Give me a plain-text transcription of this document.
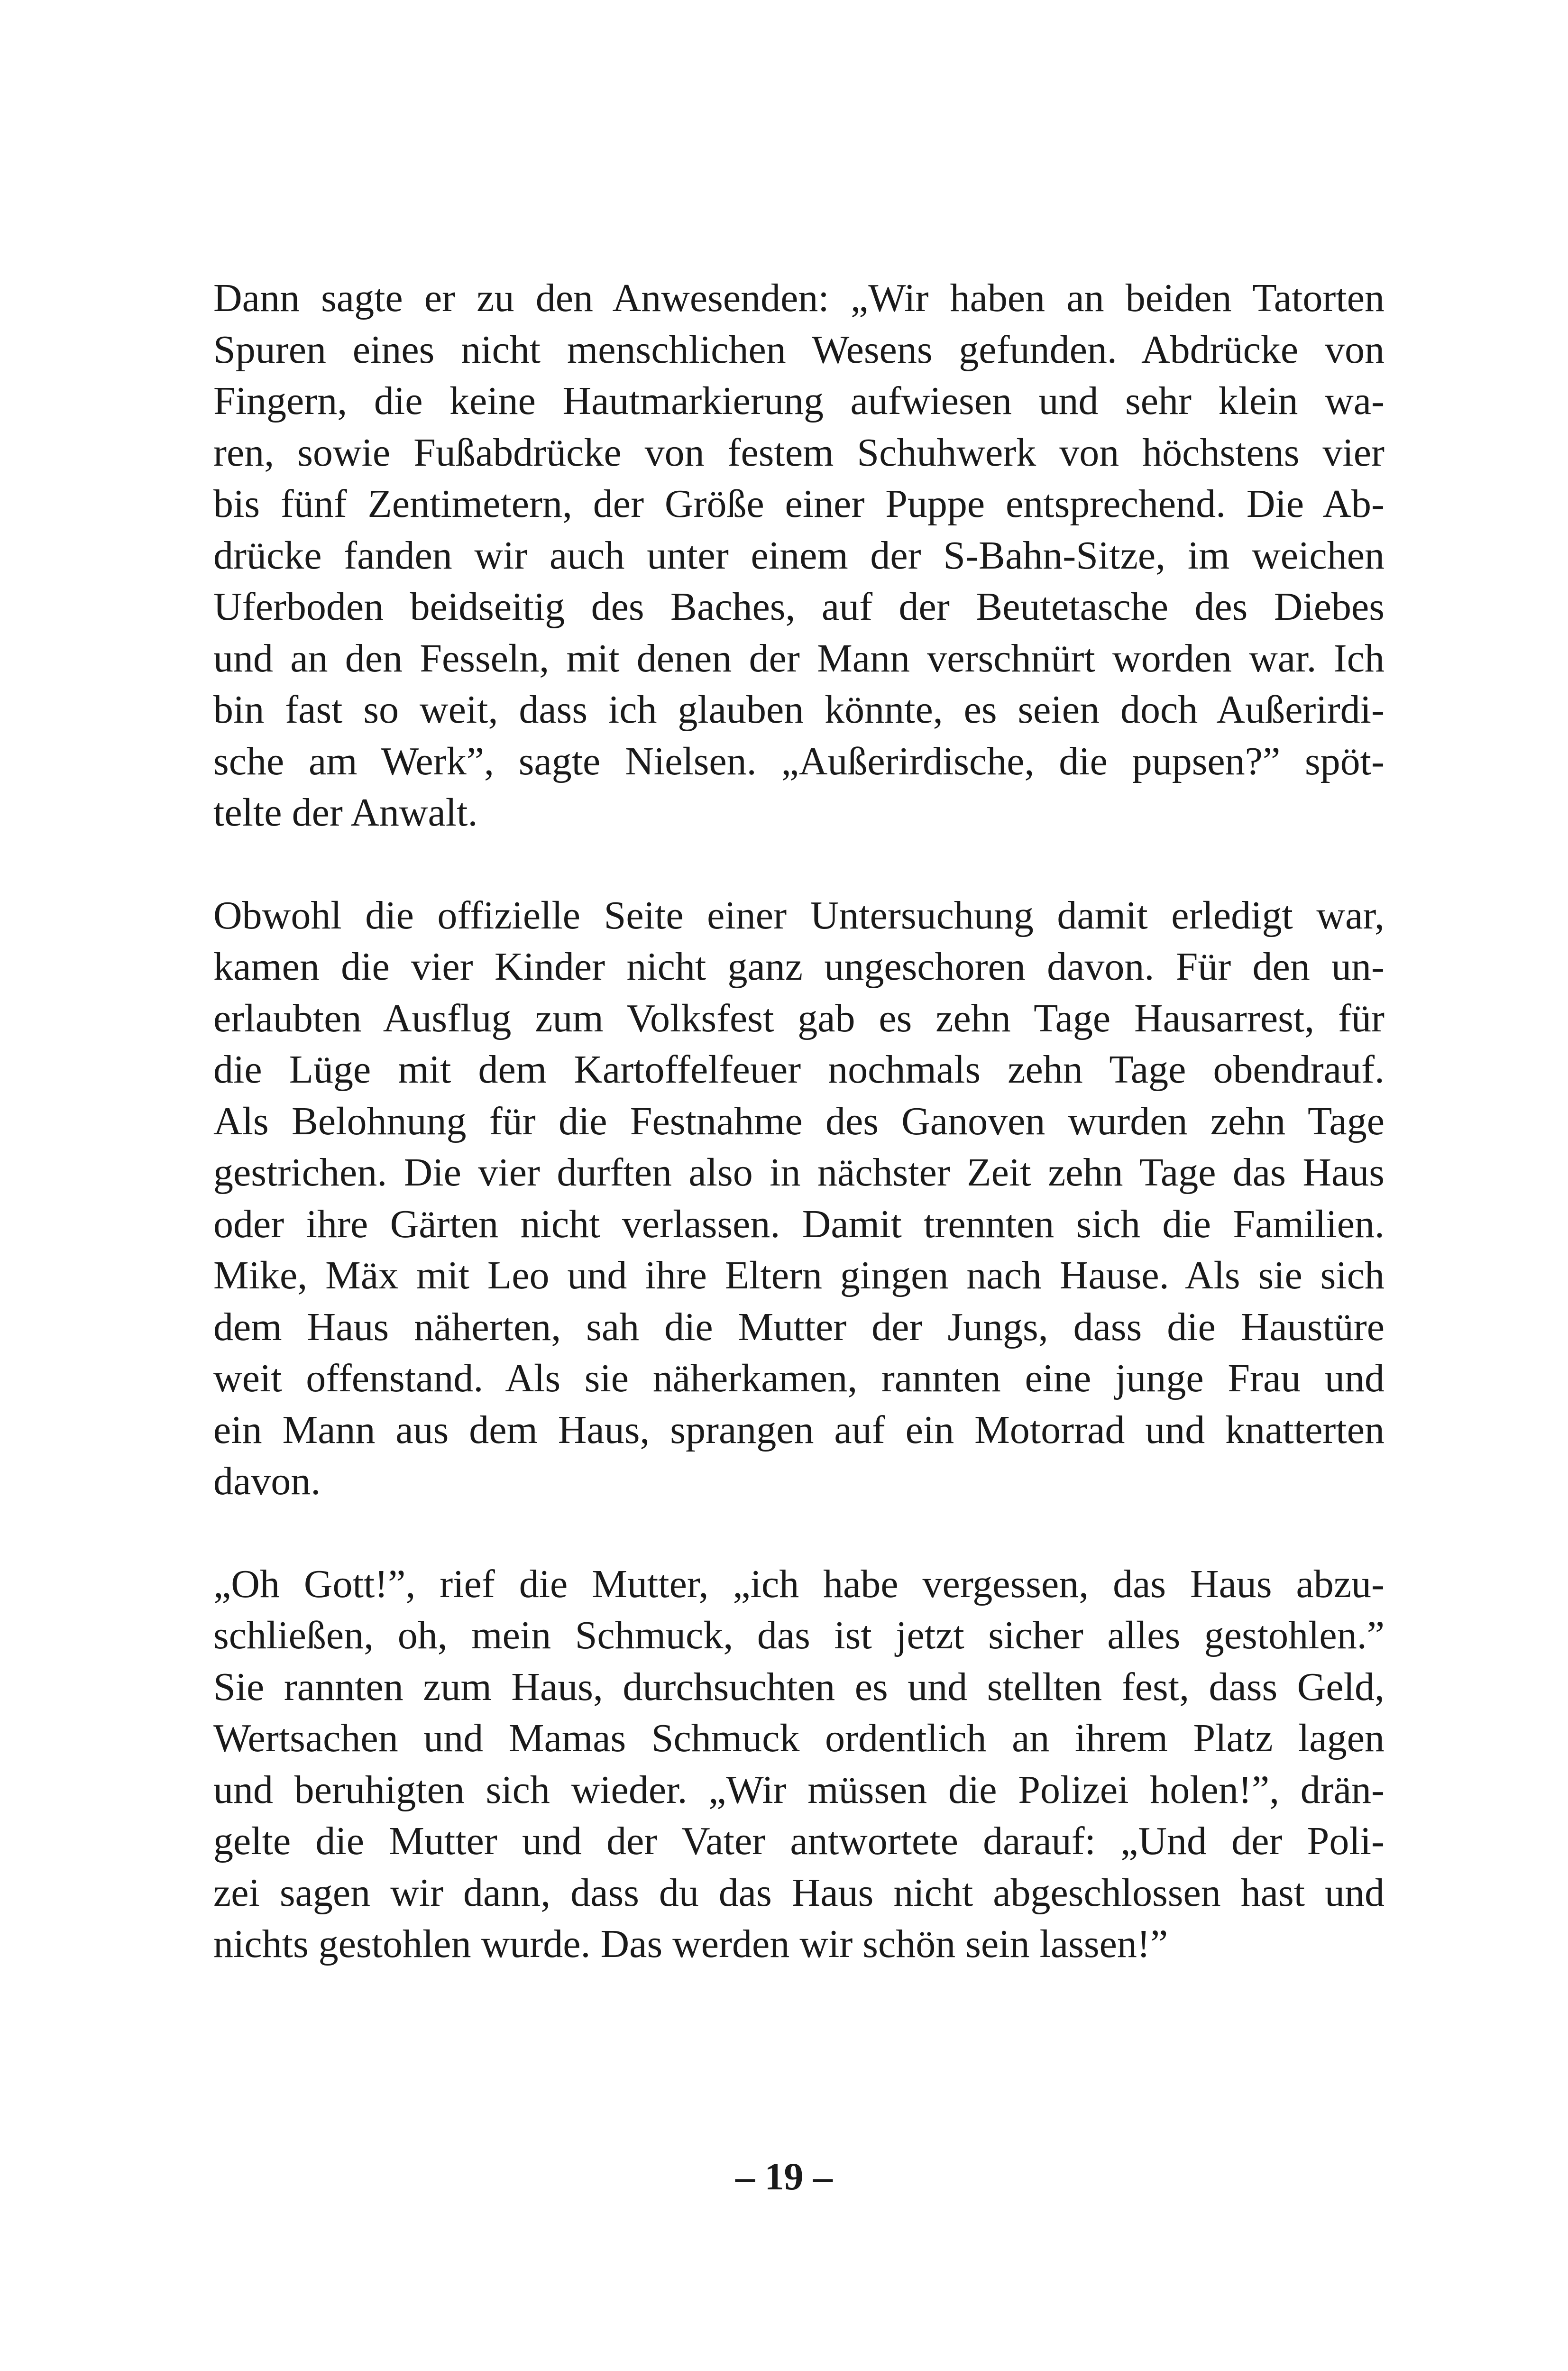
Dann sagte er zu den Anwesenden: „Wir haben an beiden Tatorten
Spuren eines nicht menschlichen Wesens gefunden. Abdrücke von
Fingern, die keine Hautmarkierung aufwiesen und sehr klein wa-
ren, sowie Fußabdrücke von festem Schuhwerk von höchstens vier
bis fünf Zentimetern, der Größe einer Puppe entsprechend. Die Ab-
drücke fanden wir auch unter einem der S-Bahn-Sitze, im weichen
Uferboden beidseitig des Baches, auf der Beutetasche des Diebes
und an den Fesseln, mit denen der Mann verschnürt worden war. Ich
bin fast so weit, dass ich glauben könnte, es seien doch Außerirdi-
sche am Werk”, sagte Nielsen. „Außerirdische, die pupsen?” spöt-
telte der Anwalt.
Obwohl die offizielle Seite einer Untersuchung damit erledigt war,
kamen die vier Kinder nicht ganz ungeschoren davon. Für den un-
erlaubten Ausflug zum Volksfest gab es zehn Tage Hausarrest, für
die Lüge mit dem Kartoffelfeuer nochmals zehn Tage obendrauf.
Als Belohnung für die Festnahme des Ganoven wurden zehn Tage
gestrichen. Die vier durften also in nächster Zeit zehn Tage das Haus
oder ihre Gärten nicht verlassen. Damit trennten sich die Familien.
Mike, Mäx mit Leo und ihre Eltern gingen nach Hause. Als sie sich
dem Haus näherten, sah die Mutter der Jungs, dass die Haustüre
weit offenstand. Als sie näherkamen, rannten eine junge Frau und
ein Mann aus dem Haus, sprangen auf ein Motorrad und knatterten
davon.
„Oh Gott!”, rief die Mutter, „ich habe vergessen, das Haus abzu-
schließen, oh, mein Schmuck, das ist jetzt sicher alles gestohlen.”
Sie rannten zum Haus, durchsuchten es und stellten fest, dass Geld,
Wertsachen und Mamas Schmuck ordentlich an ihrem Platz lagen
und beruhigten sich wieder. „Wir müssen die Polizei holen!”, drän-
gelte die Mutter und der Vater antwortete darauf: „Und der Poli-
zei sagen wir dann, dass du das Haus nicht abgeschlossen hast und
nichts gestohlen wurde. Das werden wir schön sein lassen!”
– 19 –
